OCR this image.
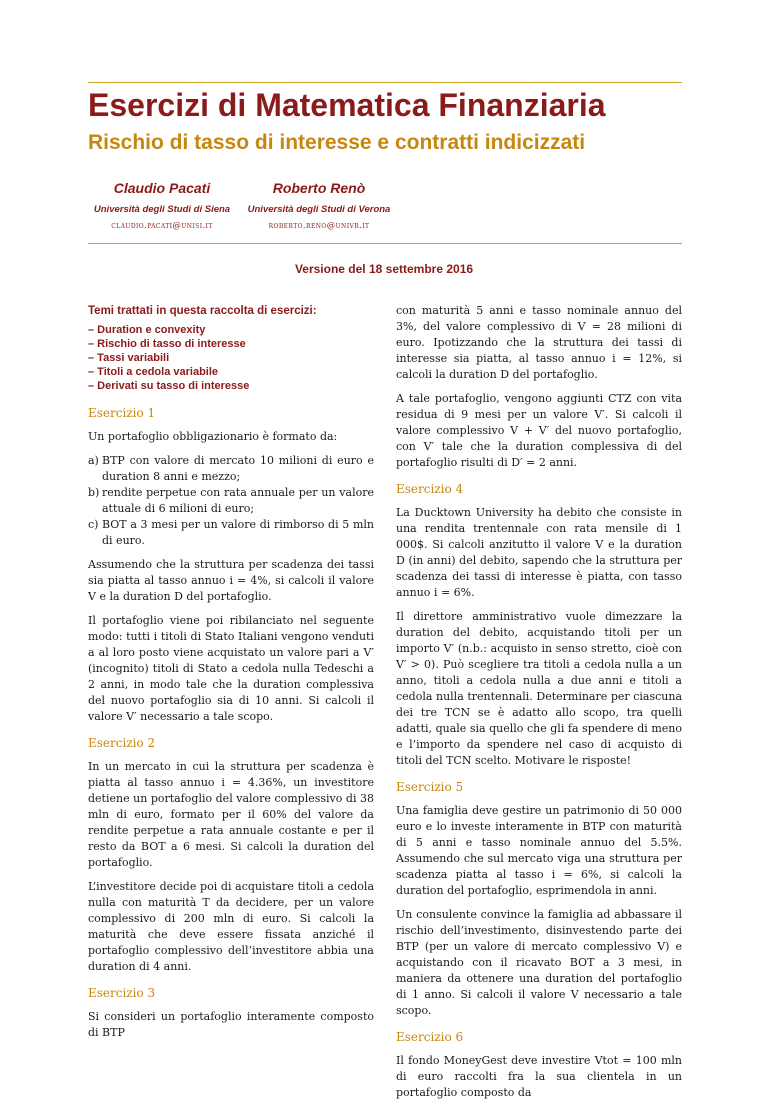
Esercizi di Matematica Finanziaria
Rischio di tasso di interesse e contratti indicizzati
Claudio Pacati
Università degli Studi di Siena
claudio.pacati@unisi.it
Roberto Renò
Università degli Studi di Verona
roberto.reno@univr.it
Versione del 18 settembre 2016
Temi trattati in questa raccolta di esercizi:
– Duration e convexity
– Rischio di tasso di interesse
– Tassi variabili
– Titoli a cedola variabile
– Derivati su tasso di interesse
Esercizio 1

Un portafoglio obbligazionario è formato da:

a) BTP con valore di mercato 10 milioni di euro e duration 8 anni e mezzo;
b) rendite perpetue con rata annuale per un valore attuale di 6 milioni di euro;
c) BOT a 3 mesi per un valore di rimborso di 5 mln di euro.

Assumendo che la struttura per scadenza dei tassi sia piatta al tasso annuo i = 4%, si calcoli il valore V e la duration D del portafoglio.

Il portafoglio viene poi ribilanciato nel seguente modo: tutti i titoli di Stato Italiani vengono venduti a al loro posto viene acquistato un valore pari a V′ (incognito) titoli di Stato a cedola nulla Tedeschi a 2 anni, in modo tale che la duration complessiva del nuovo portafoglio sia di 10 anni. Si calcoli il valore V′ necessario a tale scopo.

Esercizio 2

In un mercato in cui la struttura per scadenza è piatta al tasso annuo i = 4.36%, un investitore detiene un portafoglio del valore complessivo di 38 mln di euro, formato per il 60% del valore da rendite perpetue a rata annuale costante e per il resto da BOT a 6 mesi. Si calcoli la duration del portafoglio.

L’investitore decide poi di acquistare titoli a cedola nulla con maturità T da decidere, per un valore complessivo di 200 mln di euro. Si calcoli la maturità che deve essere fissata anziché il portafoglio complessivo dell’investitore abbia una duration di 4 anni.

Esercizio 3

Si consideri un portafoglio interamente composto di BTP

con maturità 5 anni e tasso nominale annuo del 3%, del valore complessivo di V = 28 milioni di euro. Ipotizzando che la struttura dei tassi di interesse sia piatta, al tasso annuo i = 12%, si calcoli la duration D del portafoglio.

A tale portafoglio, vengono aggiunti CTZ con vita residua di 9 mesi per un valore V′. Si calcoli il valore complessivo V + V′ del nuovo portafoglio, con V′ tale che la duration complessiva di del portafoglio risulti di D′ = 2 anni.

Esercizio 4

La Ducktown University ha debito che consiste in una rendita trentennale con rata mensile di 1 000$. Si calcoli anzitutto il valore V e la duration D (in anni) del debito, sapendo che la struttura per scadenza dei tassi di interesse è piatta, con tasso annuo i = 6%.

Il direttore amministrativo vuole dimezzare la duration del debito, acquistando titoli per un importo V′ (n.b.: acquisto in senso stretto, cioè con V′ > 0). Può scegliere tra titoli a cedola nulla a un anno, titoli a cedola nulla a due anni e titoli a cedola nulla trentennali. Determinare per ciascuna dei tre TCN se è adatto allo scopo, tra quelli adatti, quale sia quello che gli fa spendere di meno e l’importo da spendere nel caso di acquisto di titoli del TCN scelto. Motivare le risposte!

Esercizio 5

Una famiglia deve gestire un patrimonio di 50 000 euro e lo investe interamente in BTP con maturità di 5 anni e tasso nominale annuo del 5.5%. Assumendo che sul mercato viga una struttura per scadenza piatta al tasso i = 6%, si calcoli la duration del portafoglio, esprimendola in anni.

Un consulente convince la famiglia ad abbassare il rischio dell’investimento, disinvestendo parte dei BTP (per un valore di mercato complessivo V) e acquistando con il ricavato BOT a 3 mesi, in maniera da ottenere una duration del portafoglio di 1 anno. Si calcoli il valore V necessario a tale scopo.

Esercizio 6

Il fondo MoneyGest deve investire Vtot = 100 mln di euro raccolti fra la sua clientela in un portafoglio composto da
